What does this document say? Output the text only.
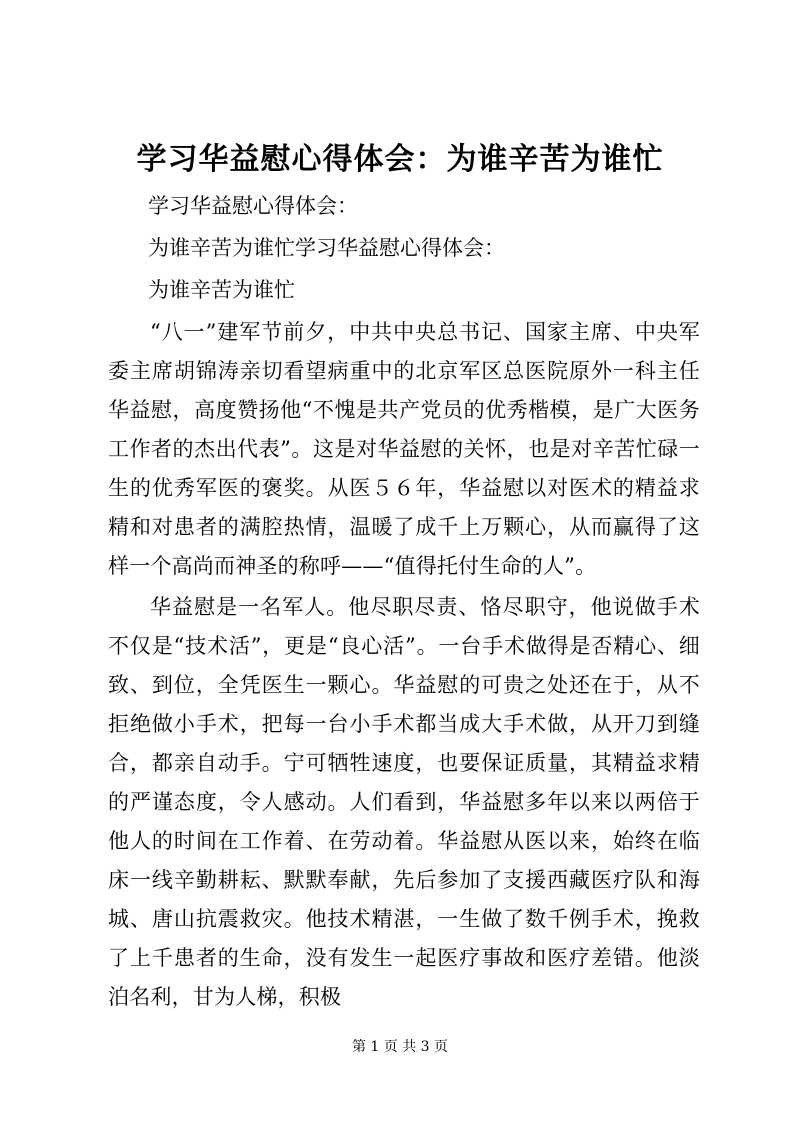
学习华益慰心得体会：为谁辛苦为谁忙
学习华益慰心得体会：
为谁辛苦为谁忙学习华益慰心得体会：
为谁辛苦为谁忙
“八一”建军节前夕，中共中央总书记、国家主席、中央军委主席胡锦涛亲切看望病重中的北京军区总医院原外一科主任华益慰，高度赞扬他“不愧是共产党员的优秀楷模，是广大医务工作者的杰出代表”。这是对华益慰的关怀，也是对辛苦忙碌一生的优秀军医的褒奖。从医５６年，华益慰以对医术的精益求精和对患者的满腔热情，温暖了成千上万颗心，从而赢得了这样一个高尚而神圣的称呼——“值得托付生命的人”。
华益慰是一名军人。他尽职尽责、恪尽职守，他说做手术不仅是“技术活”，更是“良心活”。一台手术做得是否精心、细致、到位，全凭医生一颗心。华益慰的可贵之处还在于，从不拒绝做小手术，把每一台小手术都当成大手术做，从开刀到缝合，都亲自动手。宁可牺牲速度，也要保证质量，其精益求精的严谨态度，令人感动。人们看到，华益慰多年以来以两倍于他人的时间在工作着、在劳动着。华益慰从医以来，始终在临床一线辛勤耕耘、默默奉献，先后参加了支援西藏医疗队和海城、唐山抗震救灾。他技术精湛，一生做了数千例手术，挽救了上千患者的生命，没有发生一起医疗事故和医疗差错。他淡泊名利，甘为人梯，积极
第 1 页 共 3 页
